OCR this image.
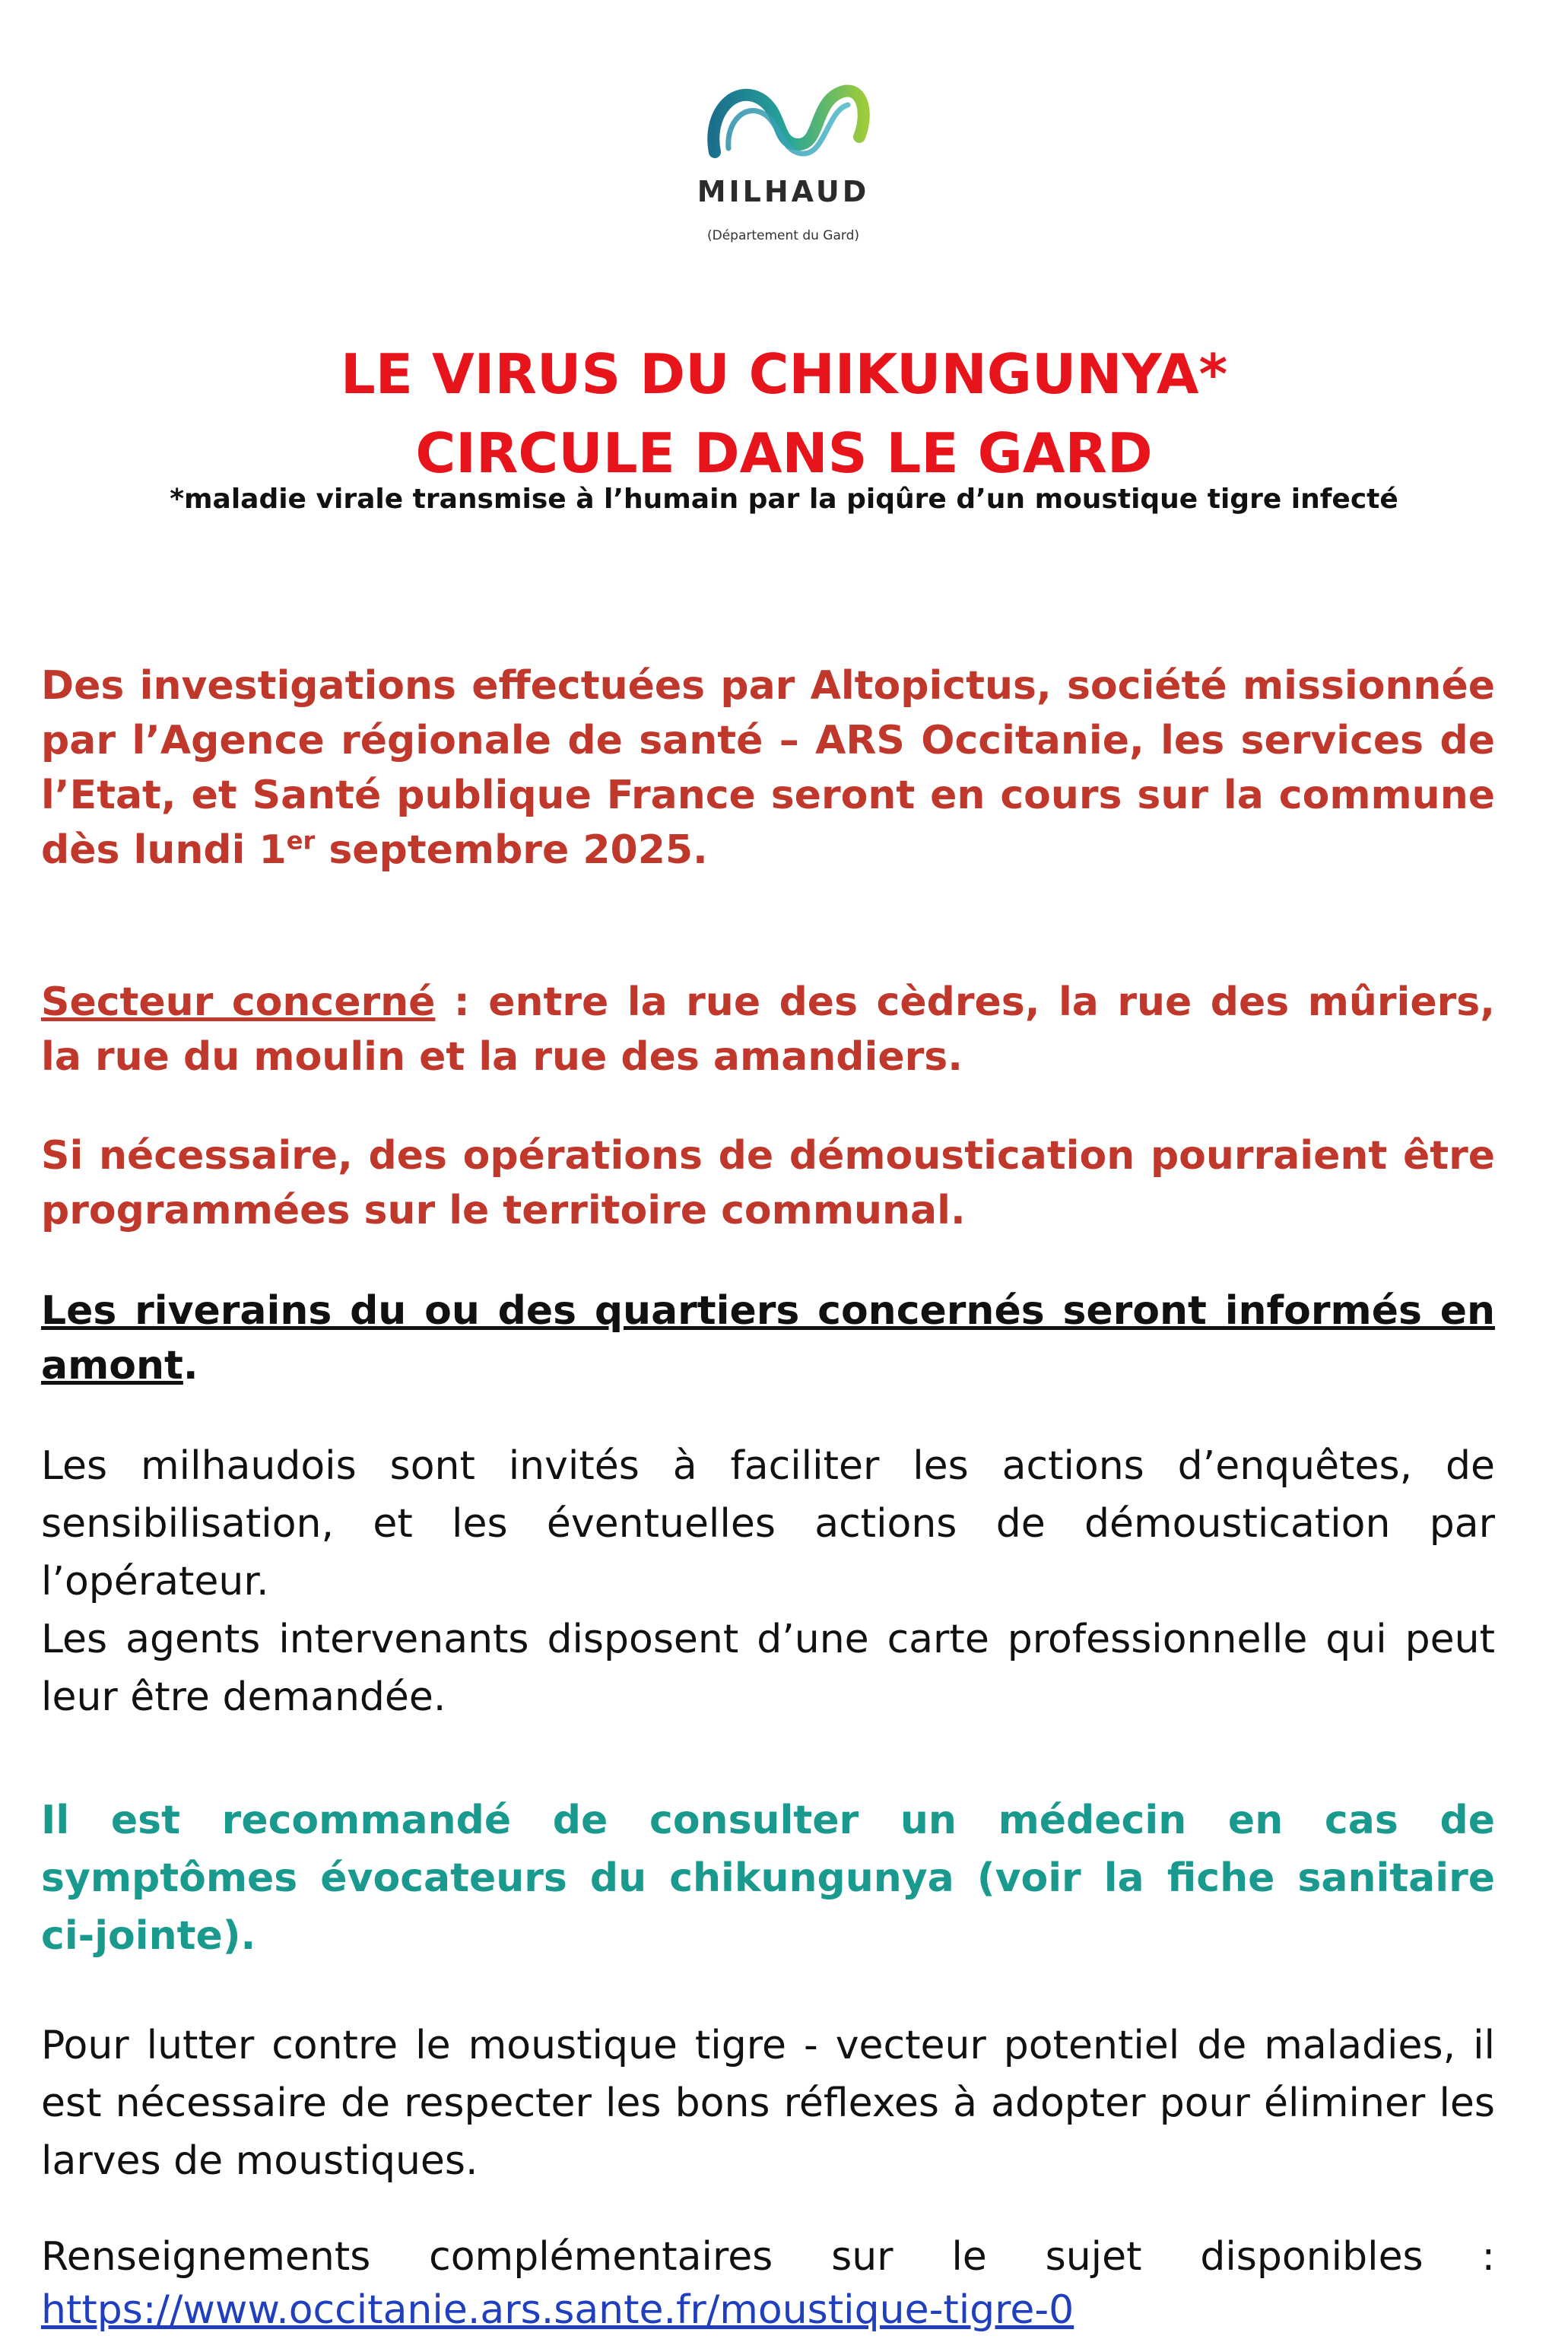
MILHAUD
(Département du Gard)
LE VIRUS DU CHIKUNGUNYA*
CIRCULE DANS LE GARD
*maladie virale transmise à l’humain par la piqûre d’un moustique tigre infecté
Des investigations effectuées par Altopictus, société missionnée par l’Agence régionale de santé – ARS Occitanie, les services de l’Etat, et Santé publique France seront en cours sur la commune dès lundi 1er septembre 2025.
Secteur concerné : entre la rue des cèdres, la rue des mûriers, la rue du moulin et la rue des amandiers.
Si nécessaire, des opérations de démoustication pourraient être programmées sur le territoire communal.
Les riverains du ou des quartiers concernés seront informés en amont.
Les milhaudois sont invités à faciliter les actions d’enquêtes, de sensibilisation, et les éventuelles actions de démoustication par l’opérateur.
Les agents intervenants disposent d’une carte professionnelle qui peut leur être demandée.
Il est recommandé de consulter un médecin en cas de symptômes évocateurs du chikungunya (voir la fiche sanitaire ci-jointe).
Pour lutter contre le moustique tigre - vecteur potentiel de maladies, il est nécessaire de respecter les bons réflexes à adopter pour éliminer les larves de moustiques.
Renseignements complémentaires sur le sujet disponibles :
https://www.occitanie.ars.sante.fr/moustique-tigre-0
